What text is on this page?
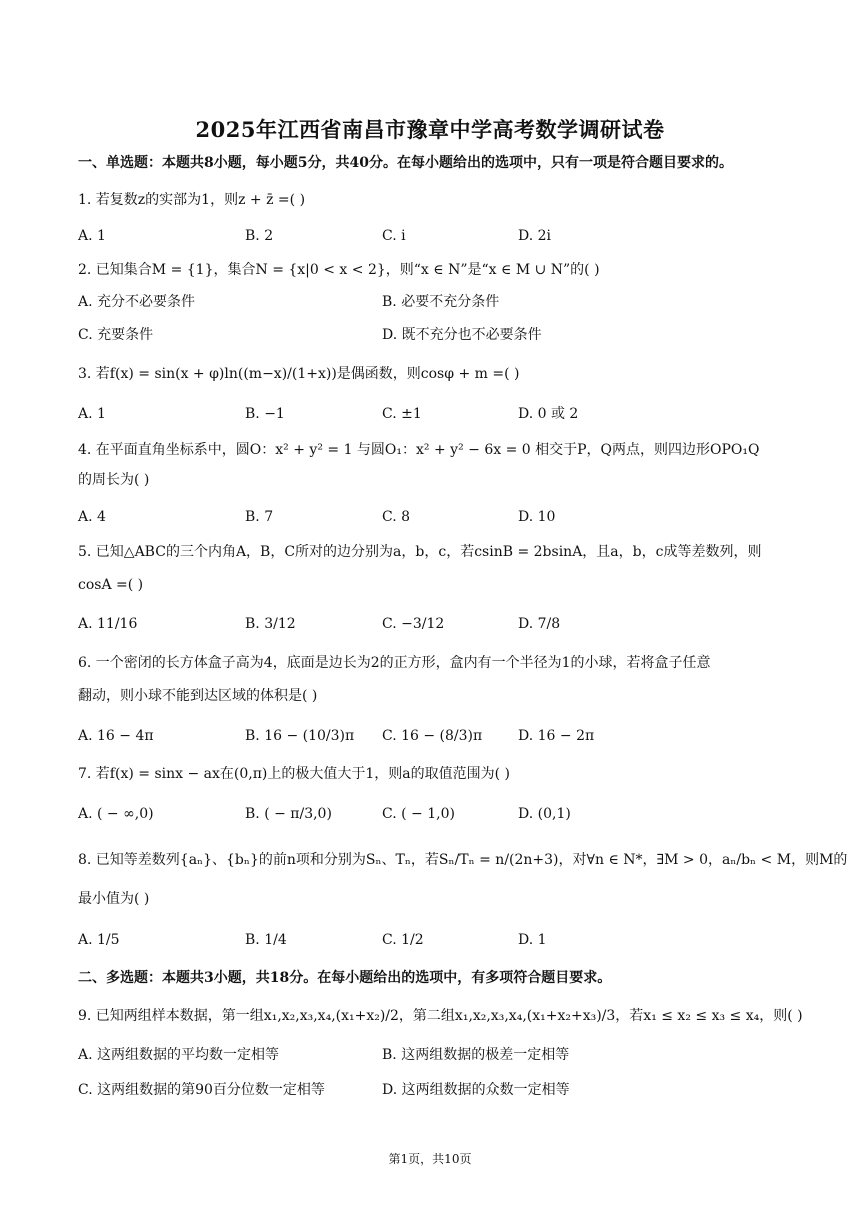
2025年江西省南昌市豫章中学高考数学调研试卷
一、单选题：本题共8小题，每小题5分，共40分。在每小题给出的选项中，只有一项是符合题目要求的。
1. 若复数z的实部为1，则z + z̄ =( )
A. 1	B. 2	C. i	D. 2i
2. 已知集合M = {1}，集合N = {x|0 < x < 2}，则“x ∈ N”是“x ∈ M ∪ N”的( )
A. 充分不必要条件	B. 必要不充分条件
C. 充要条件	D. 既不充分也不必要条件
3. 若f(x) = sin(x + φ)ln((m−x)/(1+x))是偶函数，则cosφ + m =( )
A. 1	B. −1	C. ±1	D. 0 或 2
4. 在平面直角坐标系中，圆O：x² + y² = 1 与圆O₁：x² + y² − 6x = 0 相交于P，Q两点，则四边形OPO₁Q
的周长为( )
A. 4	B. 7	C. 8	D. 10
5. 已知△ABC的三个内角A，B，C所对的边分别为a，b，c，若csinB = 2bsinA，且a，b，c成等差数列，则
cosA =( )
A. 11/16	B. 3/12	C. −3/12	D. 7/8
6. 一个密闭的长方体盒子高为4，底面是边长为2的正方形，盒内有一个半径为1的小球，若将盒子任意
翻动，则小球不能到达区域的体积是( )
A. 16 − 4π	B. 16 − (10/3)π C. 16 − (8/3)π	D. 16 − 2π
7. 若f(x) = sinx − ax在(0,π)上的极大值大于1，则a的取值范围为( )
A. ( − ∞,0)	B. ( − π/3,0)	C. ( − 1,0)	D. (0,1)
8. 已知等差数列{aₙ}、{bₙ}的前n项和分别为Sₙ、Tₙ，若Sₙ/Tₙ = n/(2n+3)，对∀n ∈ N*，∃M > 0，aₙ/bₙ < M，则M的
最小值为( )
A. 1/5	B. 1/4	C. 1/2	D. 1
二、多选题：本题共3小题，共18分。在每小题给出的选项中，有多项符合题目要求。
9. 已知两组样本数据，第一组x₁,x₂,x₃,x₄,(x₁+x₂)/2，第二组x₁,x₂,x₃,x₄,(x₁+x₂+x₃)/3，若x₁ ≤ x₂ ≤ x₃ ≤ x₄，则( )
A. 这两组数据的平均数一定相等	B. 这两组数据的极差一定相等
C. 这两组数据的第90百分位数一定相等	D. 这两组数据的众数一定相等
第1页，共10页
